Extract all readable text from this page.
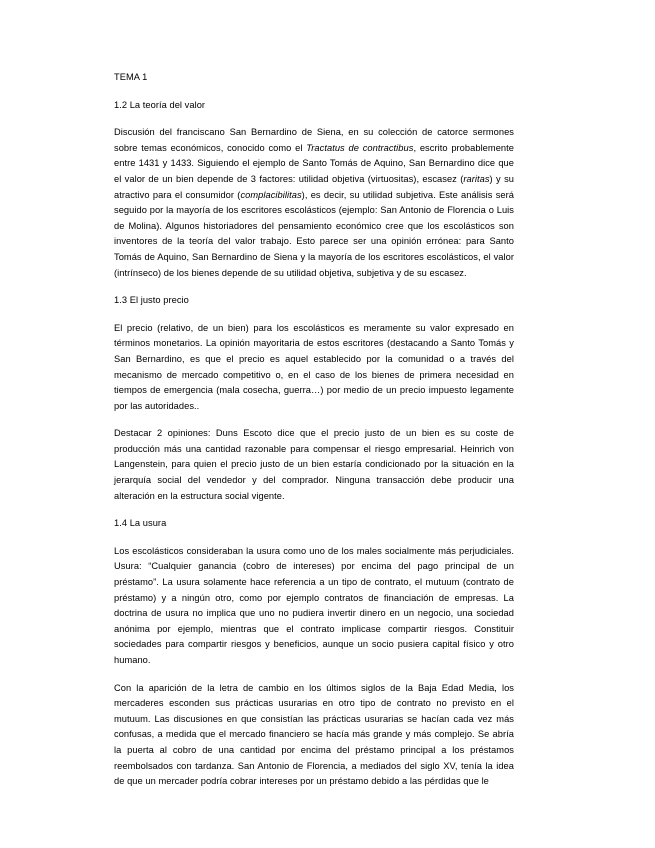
TEMA 1
1.2 La teoría del valor

Discusión del franciscano San Bernardino de Siena, en su colección de catorce sermones sobre temas económicos, conocido como el Tractatus de contractibus, escrito probablemente entre 1431 y 1433. Siguiendo el ejemplo de Santo Tomás de Aquino, San Bernardino dice que el valor de un bien depende de 3 factores: utilidad objetiva (virtuositas), escasez (raritas) y su atractivo para el consumidor (complacibilitas), es decir, su utilidad subjetiva. Este análisis será seguido por la mayoría de los escritores escolásticos (ejemplo: San Antonio de Florencia o Luis de Molina). Algunos historiadores del pensamiento económico cree que los escolásticos son inventores de la teoría del valor trabajo. Esto parece ser una opinión errónea: para Santo Tomás de Aquino, San Bernardino de Siena y la mayoría de los escritores escolásticos, el valor (intrínseco) de los bienes depende de su utilidad objetiva, subjetiva y de su escasez.

1.3 El justo precio

El precio (relativo, de un bien) para los escolásticos es meramente su valor expresado en términos monetarios. La opinión mayoritaria de estos escritores (destacando a Santo Tomás y San Bernardino, es que el precio es aquel establecido por la comunidad o a través del mecanismo de mercado competitivo o, en el caso de los bienes de primera necesidad en tiempos de emergencia (mala cosecha, guerra…) por medio de un precio impuesto legamente por las autoridades..

Destacar 2 opiniones: Duns Escoto dice que el precio justo de un bien es su coste de producción más una cantidad razonable para compensar el riesgo empresarial. Heinrich von Langenstein, para quien el precio justo de un bien estaría condicionado por la situación en la jerarquía social del vendedor y del comprador. Ninguna transacción debe producir una alteración en la estructura social vigente.

1.4 La usura

Los escolásticos consideraban la usura como uno de los males socialmente más perjudiciales. Usura: “Cualquier ganancia (cobro de intereses) por encima del pago principal de un préstamo”. La usura solamente hace referencia a un tipo de contrato, el mutuum (contrato de préstamo) y a ningún otro, como por ejemplo contratos de financiación de empresas. La doctrina de usura no implica que uno no pudiera invertir dinero en un negocio, una sociedad anónima por ejemplo, mientras que el contrato implicase compartir riesgos. Constituir sociedades para compartir riesgos y beneficios, aunque un socio pusiera capital físico y otro humano.

Con la aparición de la letra de cambio en los últimos siglos de la Baja Edad Media, los mercaderes esconden sus prácticas usurarias en otro tipo de contrato no previsto en el mutuum. Las discusiones en que consistían las prácticas usurarias se hacían cada vez más confusas, a medida que el mercado financiero se hacía más grande y más complejo. Se abría la puerta al cobro de una cantidad por encima del préstamo principal a los préstamos reembolsados con tardanza. San Antonio de Florencia, a mediados del siglo XV, tenía la idea de que un mercader podría cobrar intereses por un préstamo debido a las pérdidas que le
